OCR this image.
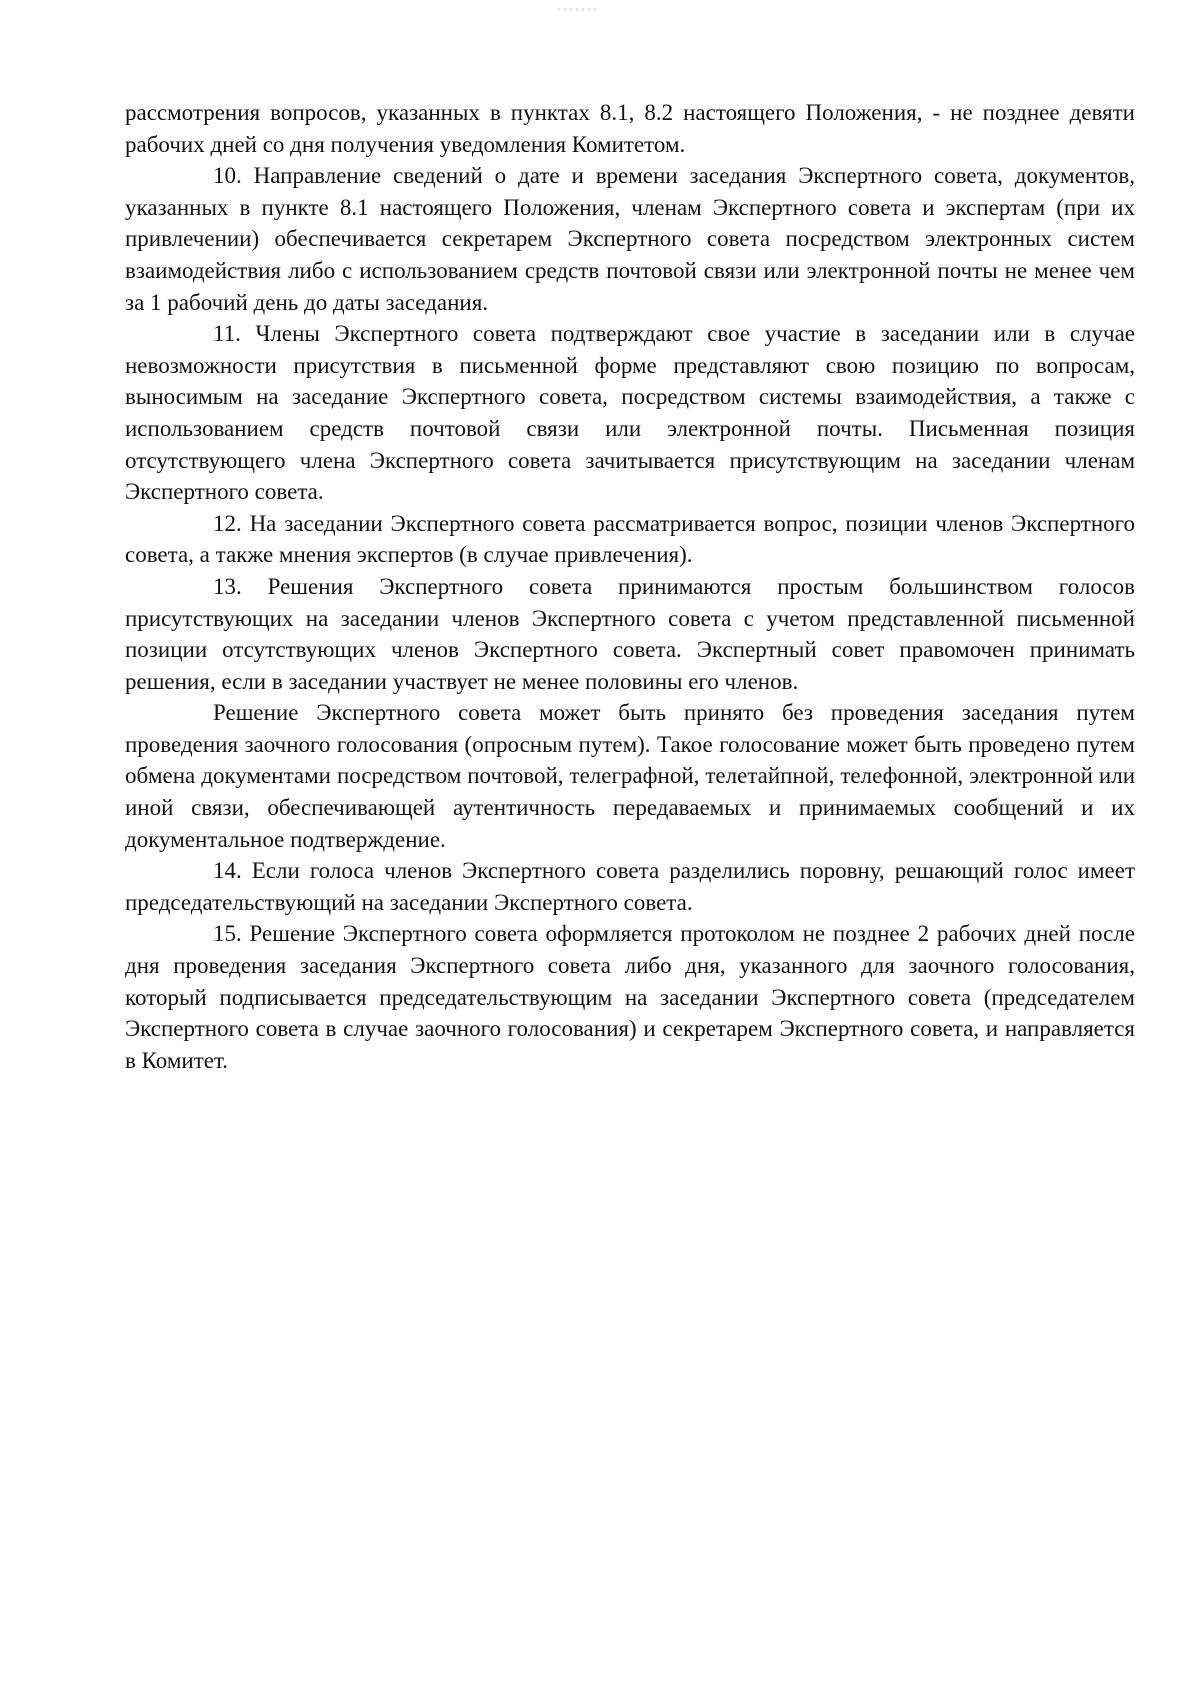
рассмотрения вопросов, указанных в пунктах 8.1, 8.2 настоящего Положения, - не позднее девяти рабочих дней со дня получения уведомления Комитетом.

10. Направление сведений о дате и времени заседания Экспертного совета, документов, указанных в пункте 8.1 настоящего Положения, членам Экспертного совета и экспертам (при их привлечении) обеспечивается секретарем Экспертного совета посредством электронных систем взаимодействия либо с использованием средств почтовой связи или электронной почты не менее чем за 1 рабочий день до даты заседания.

11. Члены Экспертного совета подтверждают свое участие в заседании или в случае невозможности присутствия в письменной форме представляют свою позицию по вопросам, выносимым на заседание Экспертного совета, посредством системы взаимодействия, а также с использованием средств почтовой связи или электронной почты. Письменная позиция отсутствующего члена Экспертного совета зачитывается присутствующим на заседании членам Экспертного совета.

12. На заседании Экспертного совета рассматривается вопрос, позиции членов Экспертного совета, а также мнения экспертов (в случае привлечения).

13. Решения Экспертного совета принимаются простым большинством голосов присутствующих на заседании членов Экспертного совета с учетом представленной письменной позиции отсутствующих членов Экспертного совета. Экспертный совет правомочен принимать решения, если в заседании участвует не менее половины его членов.

Решение Экспертного совета может быть принято без проведения заседания путем проведения заочного голосования (опросным путем). Такое голосование может быть проведено путем обмена документами посредством почтовой, телеграфной, телетайпной, телефонной, электронной или иной связи, обеспечивающей аутентичность передаваемых и принимаемых сообщений и их документальное подтверждение.

14. Если голоса членов Экспертного совета разделились поровну, решающий голос имеет председательствующий на заседании Экспертного совета.

15. Решение Экспертного совета оформляется протоколом не позднее 2 рабочих дней после дня проведения заседания Экспертного совета либо дня, указанного для заочного голосования, который подписывается председательствующим на заседании Экспертного совета (председателем Экспертного совета в случае заочного голосования) и секретарем Экспертного совета, и направляется в Комитет.
